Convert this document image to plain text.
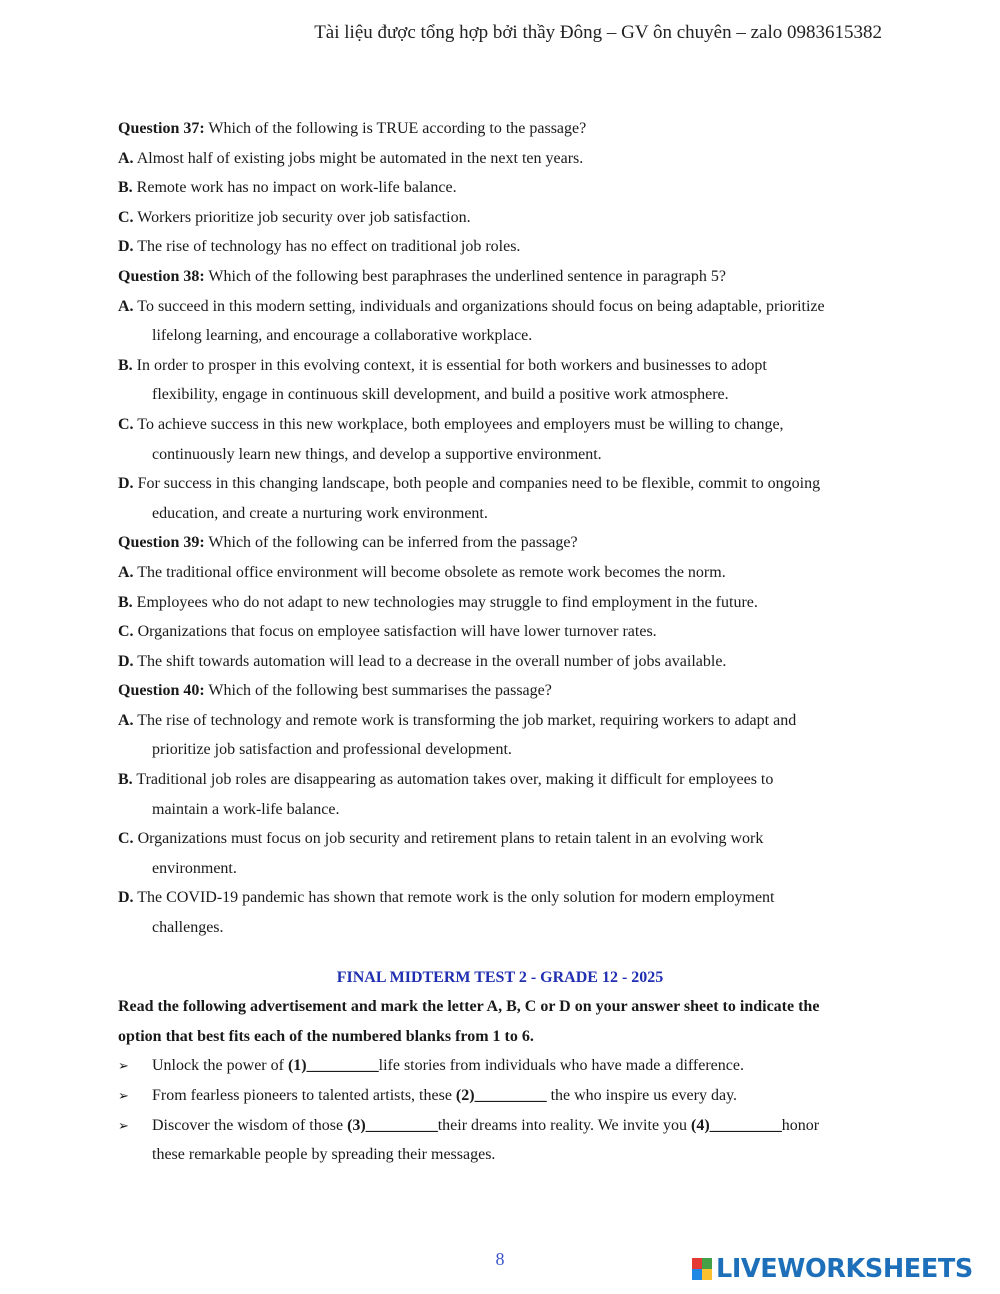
Tài liệu được tổng hợp bởi thầy Đông – GV ôn chuyên – zalo 0983615382
Question 37: Which of the following is TRUE according to the passage?
A. Almost half of existing jobs might be automated in the next ten years.
B. Remote work has no impact on work-life balance.
C. Workers prioritize job security over job satisfaction.
D. The rise of technology has no effect on traditional job roles.
Question 38: Which of the following best paraphrases the underlined sentence in paragraph 5?
A. To succeed in this modern setting, individuals and organizations should focus on being adaptable, prioritize
lifelong learning, and encourage a collaborative workplace.
B. In order to prosper in this evolving context, it is essential for both workers and businesses to adopt
flexibility, engage in continuous skill development, and build a positive work atmosphere.
C. To achieve success in this new workplace, both employees and employers must be willing to change,
continuously learn new things, and develop a supportive environment.
D. For success in this changing landscape, both people and companies need to be flexible, commit to ongoing
education, and create a nurturing work environment.
Question 39: Which of the following can be inferred from the passage?
A. The traditional office environment will become obsolete as remote work becomes the norm.
B. Employees who do not adapt to new technologies may struggle to find employment in the future.
C. Organizations that focus on employee satisfaction will have lower turnover rates.
D. The shift towards automation will lead to a decrease in the overall number of jobs available.
Question 40: Which of the following best summarises the passage?
A. The rise of technology and remote work is transforming the job market, requiring workers to adapt and
prioritize job satisfaction and professional development.
B. Traditional job roles are disappearing as automation takes over, making it difficult for employees to
maintain a work-life balance.
C. Organizations must focus on job security and retirement plans to retain talent in an evolving work
environment.
D. The COVID-19 pandemic has shown that remote work is the only solution for modern employment
challenges.
FINAL MIDTERM TEST 2 - GRADE 12 - 2025
Read the following advertisement and mark the letter A, B, C or D on your answer sheet to indicate the
option that best fits each of the numbered blanks from 1 to 6.
➢	Unlock the power of (1)_________life stories from individuals who have made a difference.
➢	From fearless pioneers to talented artists, these (2)_________ the who inspire us every day.
➢	Discover the wisdom of those (3)_________their dreams into reality. We invite you (4)_________honor
these remarkable people by spreading their messages.
8	LIVEWORKSHEETS
